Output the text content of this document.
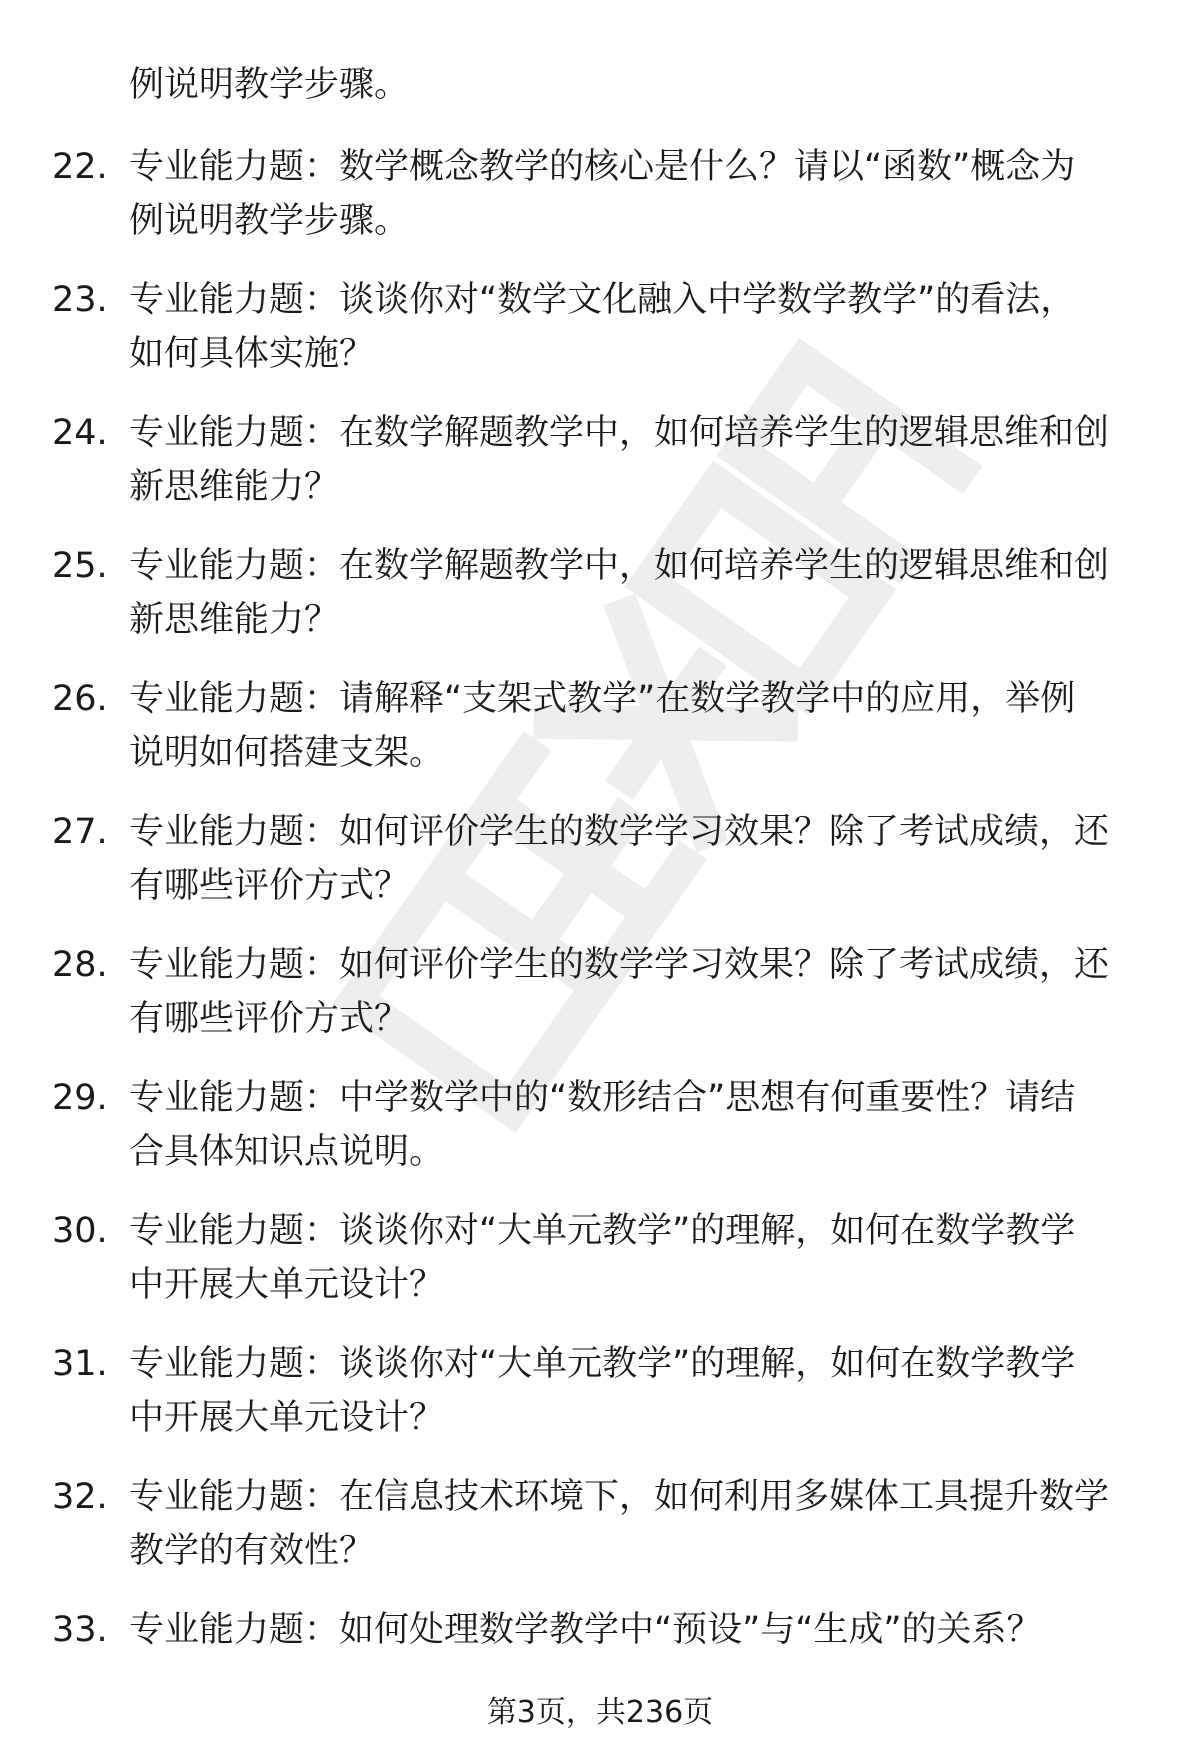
例说明教学步骤。
22. 专业能力题：数学概念教学的核心是什么？请以“函数”概念为
例说明教学步骤。
23. 专业能力题：谈谈你对“数学文化融入中学数学教学”的看法，
如何具体实施？
24. 专业能力题：在数学解题教学中，如何培养学生的逻辑思维和创
新思维能力？
25. 专业能力题：在数学解题教学中，如何培养学生的逻辑思维和创
新思维能力？
26. 专业能力题：请解释“支架式教学”在数学教学中的应用，举例
说明如何搭建支架。
27. 专业能力题：如何评价学生的数学学习效果？除了考试成绩，还
有哪些评价方式？
28. 专业能力题：如何评价学生的数学学习效果？除了考试成绩，还
有哪些评价方式？
29. 专业能力题：中学数学中的“数形结合”思想有何重要性？请结
合具体知识点说明。
30. 专业能力题：谈谈你对“大单元教学”的理解，如何在数学教学
中开展大单元设计？
31. 专业能力题：谈谈你对“大单元教学”的理解，如何在数学教学
中开展大单元设计？
32. 专业能力题：在信息技术环境下，如何利用多媒体工具提升数学
教学的有效性？
33. 专业能力题：如何处理数学教学中“预设”与“生成”的关系？
第3页，共236页
